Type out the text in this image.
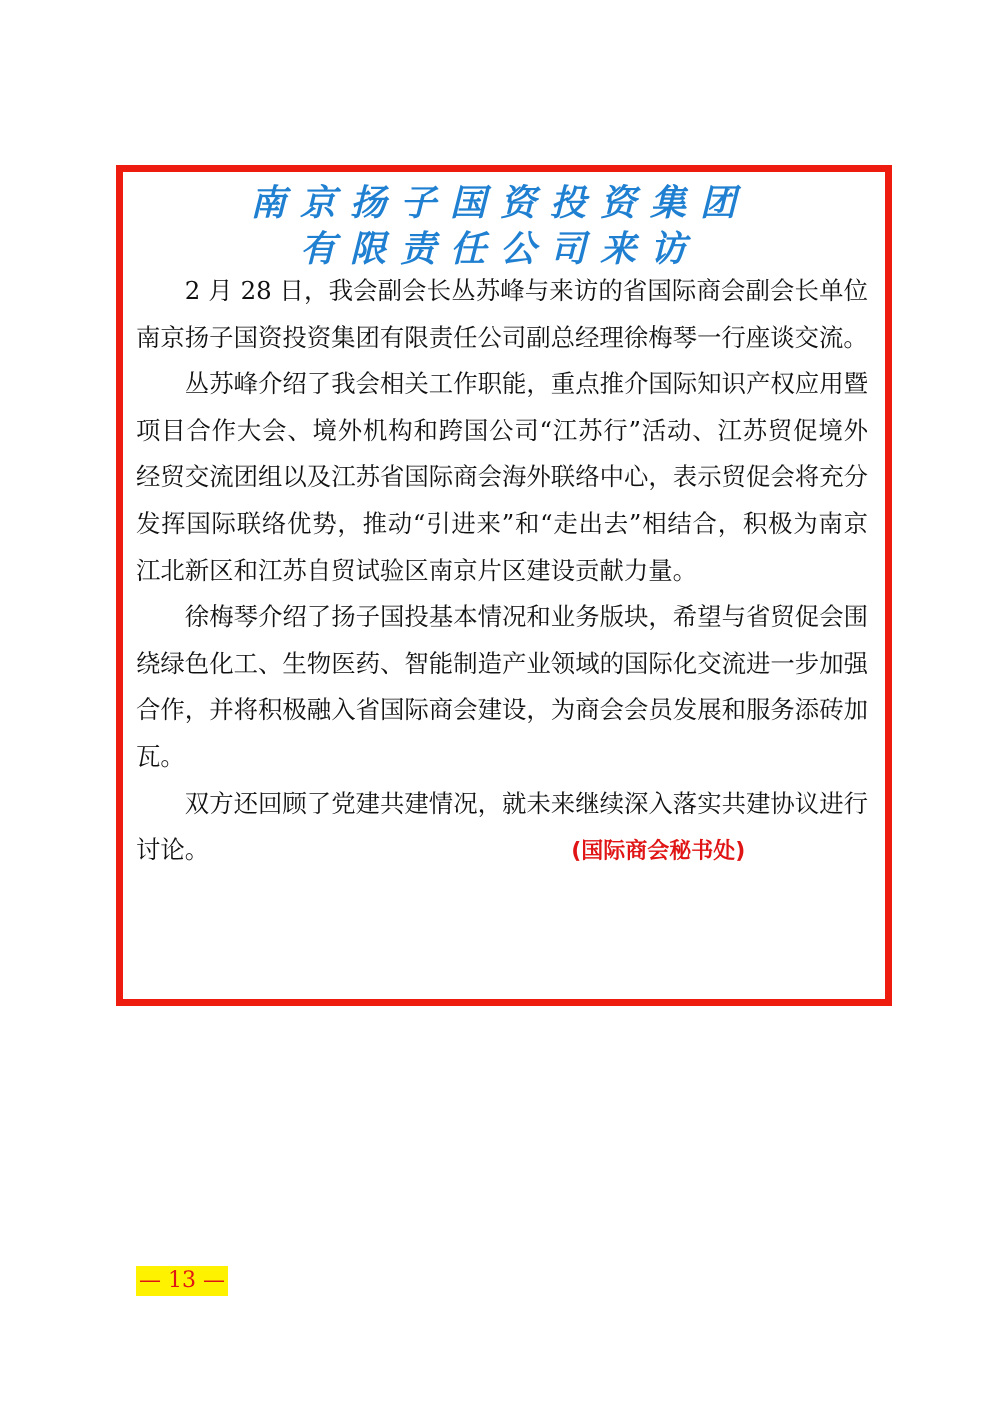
南京扬子国资投资集团
有限责任公司来访

2 月 28 日，我会副会长丛苏峰与来访的省国际商会副会长单位南京扬子国资投资集团有限责任公司副总经理徐梅琴一行座谈交流。

丛苏峰介绍了我会相关工作职能，重点推介国际知识产权应用暨项目合作大会、境外机构和跨国公司“江苏行”活动、江苏贸促境外经贸交流团组以及江苏省国际商会海外联络中心，表示贸促会将充分发挥国际联络优势，推动“引进来”和“走出去”相结合，积极为南京江北新区和江苏自贸试验区南京片区建设贡献力量。

徐梅琴介绍了扬子国投基本情况和业务版块，希望与省贸促会围绕绿色化工、生物医药、智能制造产业领域的国际化交流进一步加强合作，并将积极融入省国际商会建设，为商会会员发展和服务添砖加瓦。

双方还回顾了党建共建情况，就未来继续深入落实共建协议进行讨论。	(国际商会秘书处)

— 13 —
